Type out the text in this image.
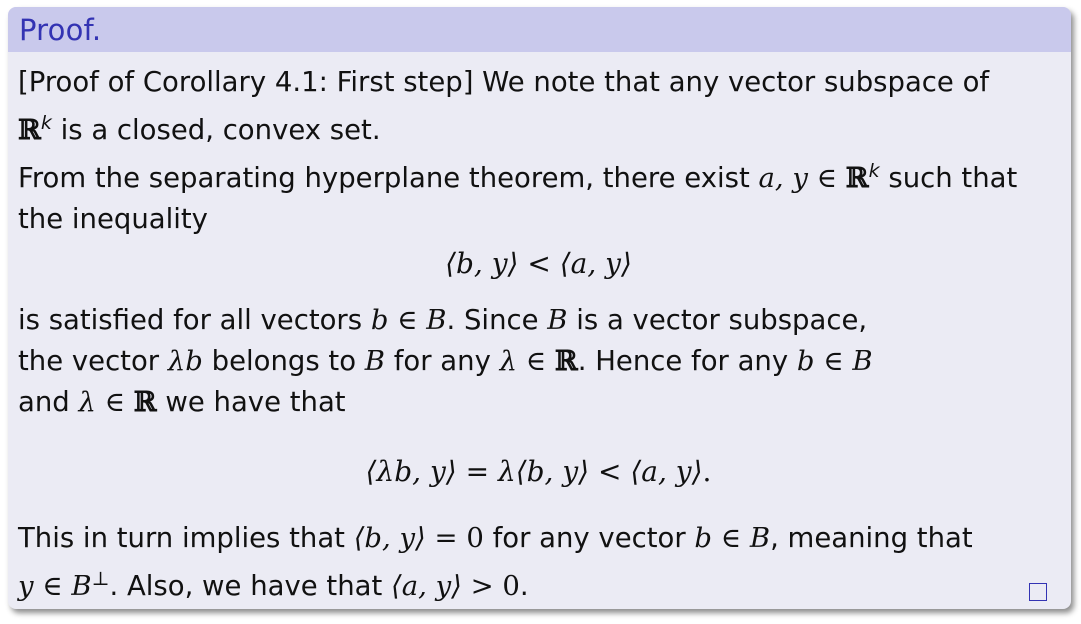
Proof.
[Proof of Corollary 4.1: First step] We note that any vector subspace of
ℝ$^k$ is a closed, convex set.
From the separating hyperplane theorem, there exist a, y ∈ ℝ$^k$ such that
the inequality
⟨b, y⟩ < ⟨a, y⟩
is satisfied for all vectors b ∈ B. Since B is a vector subspace,
the vector λb belongs to B for any λ ∈ ℝ. Hence for any b ∈ B
and λ ∈ ℝ we have that
⟨λb, y⟩ = λ⟨b, y⟩ < ⟨a, y⟩.
This in turn implies that ⟨b, y⟩ = 0 for any vector b ∈ B, meaning that
y ∈ B⊥. Also, we have that ⟨a, y⟩ > 0.
